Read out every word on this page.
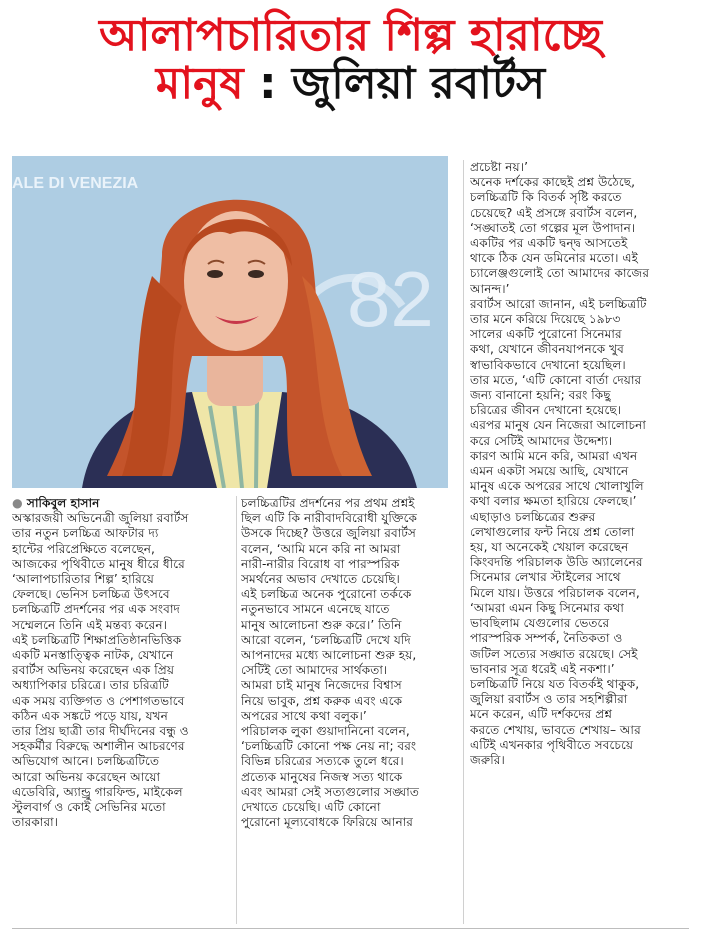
আলাপচারিতার শিল্প হারাচ্ছে
মানুষ : জুলিয়া রবার্টস
ALE DI VENEZIA
82
● সাকিবুল হাসান
অস্কারজয়ী অভিনেত্রী জুলিয়া রবার্টস
তার নতুন চলচ্চিত্র আফটার দ্য
হান্টের পরিপ্রেক্ষিতে বলেছেন,
আজকের পৃথিবীতে মানুষ ধীরে ধীরে
‘আলাপচারিতার শিল্প’ হারিয়ে
ফেলছে। ভেনিস চলচ্চিত্র উৎসবে
চলচ্চিত্রটি প্রদর্শনের পর এক সংবাদ
সম্মেলনে তিনি এই মন্তব্য করেন।
এই চলচ্চিত্রটি শিক্ষাপ্রতিষ্ঠানভিত্তিক
একটি মনস্তাত্ত্বিক নাটক, যেখানে
রবার্টস অভিনয় করেছেন এক প্রিয়
অধ্যাপিকার চরিত্রে। তার চরিত্রটি
এক সময় ব্যক্তিগত ও পেশাগতভাবে
কঠিন এক সঙ্কটে পড়ে যায়, যখন
তার প্রিয় ছাত্রী তার দীর্ঘদিনের বন্ধু ও
সহকর্মীর বিরুদ্ধে অশালীন আচরণের
অভিযোগ আনে। চলচ্চিত্রটিতে
আরো অভিনয় করেছেন আয়ো
এডেবিরি, অ্যান্ড্রু গারফিল্ড, মাইকেল
স্টুলবার্গ ও কোই সেভিনির মতো
তারকারা।
চলচ্চিত্রটির প্রদর্শনের পর প্রথম প্রশ্নই
ছিল এটি কি নারীবাদবিরোধী যুক্তিকে
উসকে দিচ্ছে? উত্তরে জুলিয়া রবার্টস
বলেন, ‘আমি মনে করি না আমরা
নারী-নারীর বিরোধ বা পারস্পরিক
সমর্থনের অভাব দেখাতে চেয়েছি।
এই চলচ্চিত্র অনেক পুরোনো তর্ককে
নতুনভাবে সামনে এনেছে যাতে
মানুষ আলোচনা শুরু করে।’ তিনি
আরো বলেন, ‘চলচ্চিত্রটি দেখে যদি
আপনাদের মধ্যে আলোচনা শুরু হয়,
সেটিই তো আমাদের সার্থকতা।
আমরা চাই মানুষ নিজেদের বিশ্বাস
নিয়ে ভাবুক, প্রশ্ন করুক এবং একে
অপরের সাথে কথা বলুক।’
পরিচালক লুকা গুয়াদানিনো বলেন,
‘চলচ্চিত্রটি কোনো পক্ষ নেয় না; বরং
বিভিন্ন চরিত্রের সত্যকে তুলে ধরে।
প্রত্যেক মানুষের নিজস্ব সত্য থাকে
এবং আমরা সেই সত্যগুলোর সঙ্ঘাত
দেখাতে চেয়েছি। এটি কোনো
পুরোনো মূল্যবোধকে ফিরিয়ে আনার
প্রচেষ্টা নয়।’
অনেক দর্শকের কাছেই প্রশ্ন উঠেছে,
চলচ্চিত্রটি কি বিতর্ক সৃষ্টি করতে
চেয়েছে? এই প্রসঙ্গে রবার্টস বলেন,
‘সঙ্ঘাতই তো গল্পের মূল উপাদান।
একটির পর একটি দ্বন্দ্ব আসতেই
থাকে ঠিক যেন ডমিনোর মতো। এই
চ্যালেঞ্জগুলোই তো আমাদের কাজের
আনন্দ।’
রবার্টস আরো জানান, এই চলচ্চিত্রটি
তার মনে করিয়ে দিয়েছে ১৯৮৩
সালের একটি পুরোনো সিনেমার
কথা, যেখানে জীবনযাপনকে খুব
স্বাভাবিকভাবে দেখানো হয়েছিল।
তার মতে, ‘এটি কোনো বার্তা দেয়ার
জন্য বানানো হয়নি; বরং কিছু
চরিত্রের জীবন দেখানো হয়েছে।
এরপর মানুষ যেন নিজেরা আলোচনা
করে সেটিই আমাদের উদ্দেশ্য।
কারণ আমি মনে করি, আমরা এখন
এমন একটা সময়ে আছি, যেখানে
মানুষ একে অপরের সাথে খোলাখুলি
কথা বলার ক্ষমতা হারিয়ে ফেলছে।’
এছাড়াও চলচ্চিত্রের শুরুর
লেখাগুলোর ফন্ট নিয়ে প্রশ্ন তোলা
হয়, যা অনেকেই খেয়াল করেছেন
কিংবদন্তি পরিচালক উডি অ্যালেনের
সিনেমার লেখার স্টাইলের সাথে
মিলে যায়। উত্তরে পরিচালক বলেন,
‘আমরা এমন কিছু সিনেমার কথা
ভাবছিলাম যেগুলোর ভেতরে
পারস্পরিক সম্পর্ক, নৈতিকতা ও
জটিল সত্যের সঙ্ঘাত রয়েছে। সেই
ভাবনার সূত্র ধরেই এই নকশা।’
চলচ্চিত্রটি নিয়ে যত বিতর্কই থাকুক,
জুলিয়া রবার্টস ও তার সহশিল্পীরা
মনে করেন, এটি দর্শকদের প্রশ্ন
করতে শেখায়, ভাবতে শেখায়– আর
এটিই এখনকার পৃথিবীতে সবচেয়ে
জরুরি।
